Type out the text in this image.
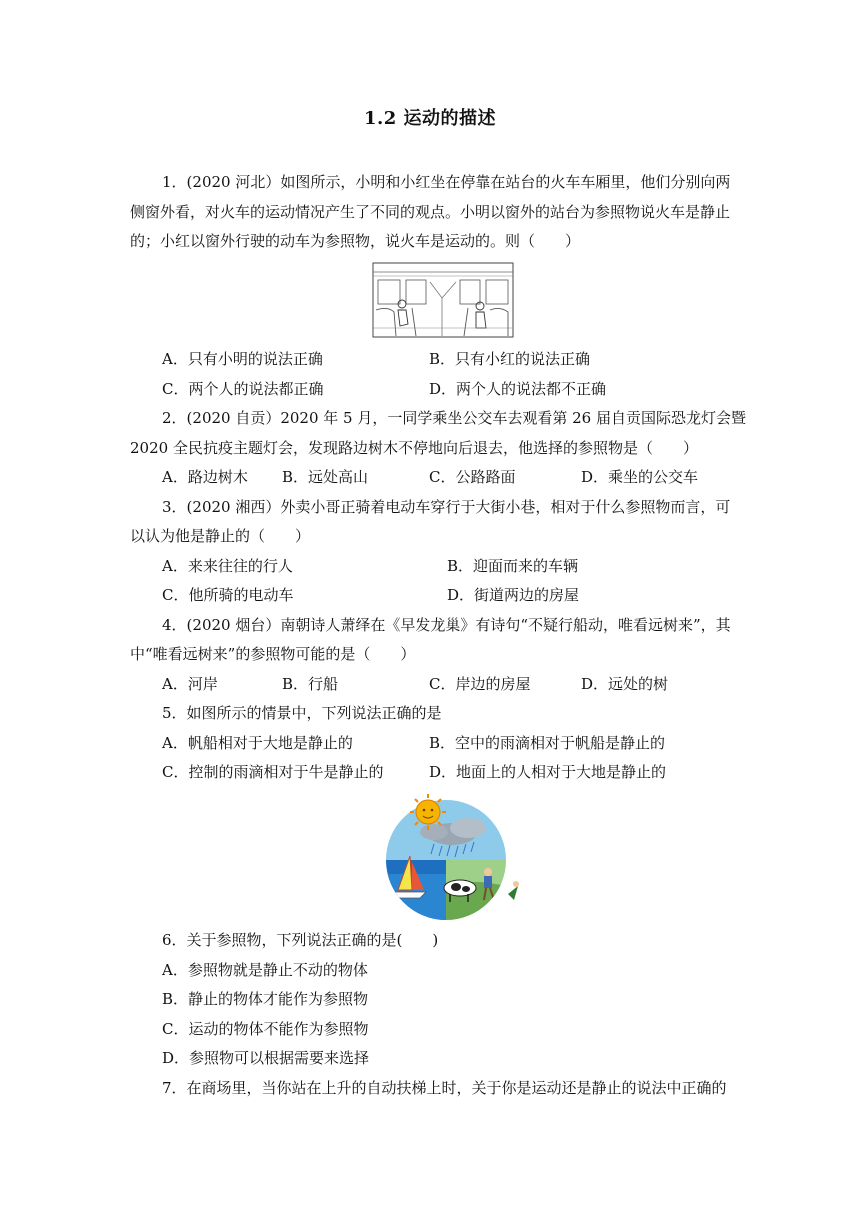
1.2 运动的描述
1．(2020 河北）如图所示，小明和小红坐在停靠在站台的火车车厢里，他们分别向两
侧窗外看，对火车的运动情况产生了不同的观点。小明以窗外的站台为参照物说火车是静止
的；小红以窗外行驶的动车为参照物，说火车是运动的。则（　　）
A．只有小明的说法正确	B．只有小红的说法正确
C．两个人的说法都正确	D．两个人的说法都不正确
2．(2020 自贡）2020 年 5 月，一同学乘坐公交车去观看第 26 届自贡国际恐龙灯会暨
2020 全民抗疫主题灯会，发现路边树木不停地向后退去，他选择的参照物是（　　）
A．路边树木 B．远处高山	C．公路路面	D．乘坐的公交车
3．(2020 湘西）外卖小哥正骑着电动车穿行于大街小巷，相对于什么参照物而言，可
以认为他是静止的（　　）
A．来来往往的行人	B．迎面而来的车辆
C．他所骑的电动车	D．街道两边的房屋
4．(2020 烟台）南朝诗人萧绎在《早发龙巢》有诗句“不疑行船动，唯看远树来”，其
中“唯看远树来”的参照物可能的是（　　）
A．河岸	B．行船	C．岸边的房屋	D．远处的树
5．如图所示的情景中，下列说法正确的是
A．帆船相对于大地是静止的	B．空中的雨滴相对于帆船是静止的
C．控制的雨滴相对于牛是静止的	D．地面上的人相对于大地是静止的
6．关于参照物，下列说法正确的是(　　)
A．参照物就是静止不动的物体
B．静止的物体才能作为参照物
C．运动的物体不能作为参照物
D．参照物可以根据需要来选择
7．在商场里，当你站在上升的自动扶梯上时，关于你是运动还是静止的说法中正确的
